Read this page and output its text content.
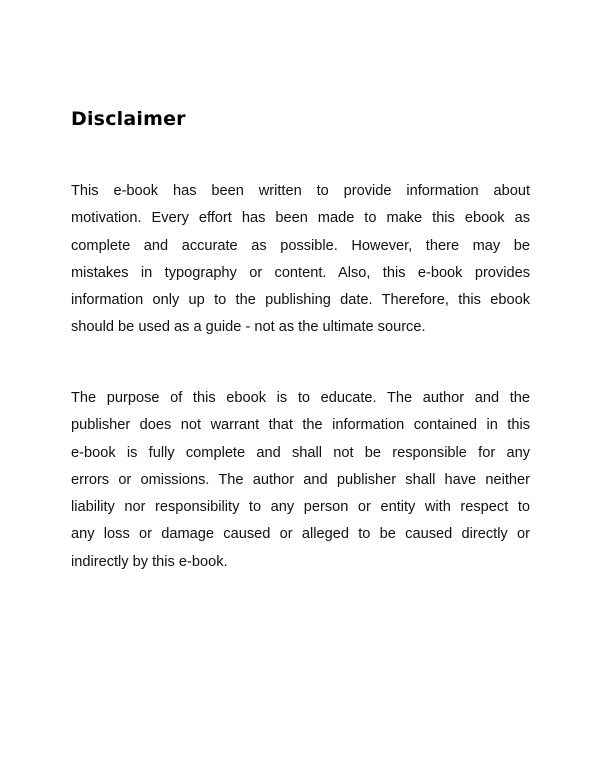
Disclaimer

This e-book has been written to provide information about
motivation. Every effort has been made to make this ebook as
complete and accurate as possible. However, there may be
mistakes in typography or content. Also, this e-book provides
information only up to the publishing date. Therefore, this ebook
should be used as a guide - not as the ultimate source.

The purpose of this ebook is to educate. The author and the
publisher does not warrant that the information contained in this
e-book is fully complete and shall not be responsible for any
errors or omissions. The author and publisher shall have neither
liability nor responsibility to any person or entity with respect to
any loss or damage caused or alleged to be caused directly or
indirectly by this e-book.
